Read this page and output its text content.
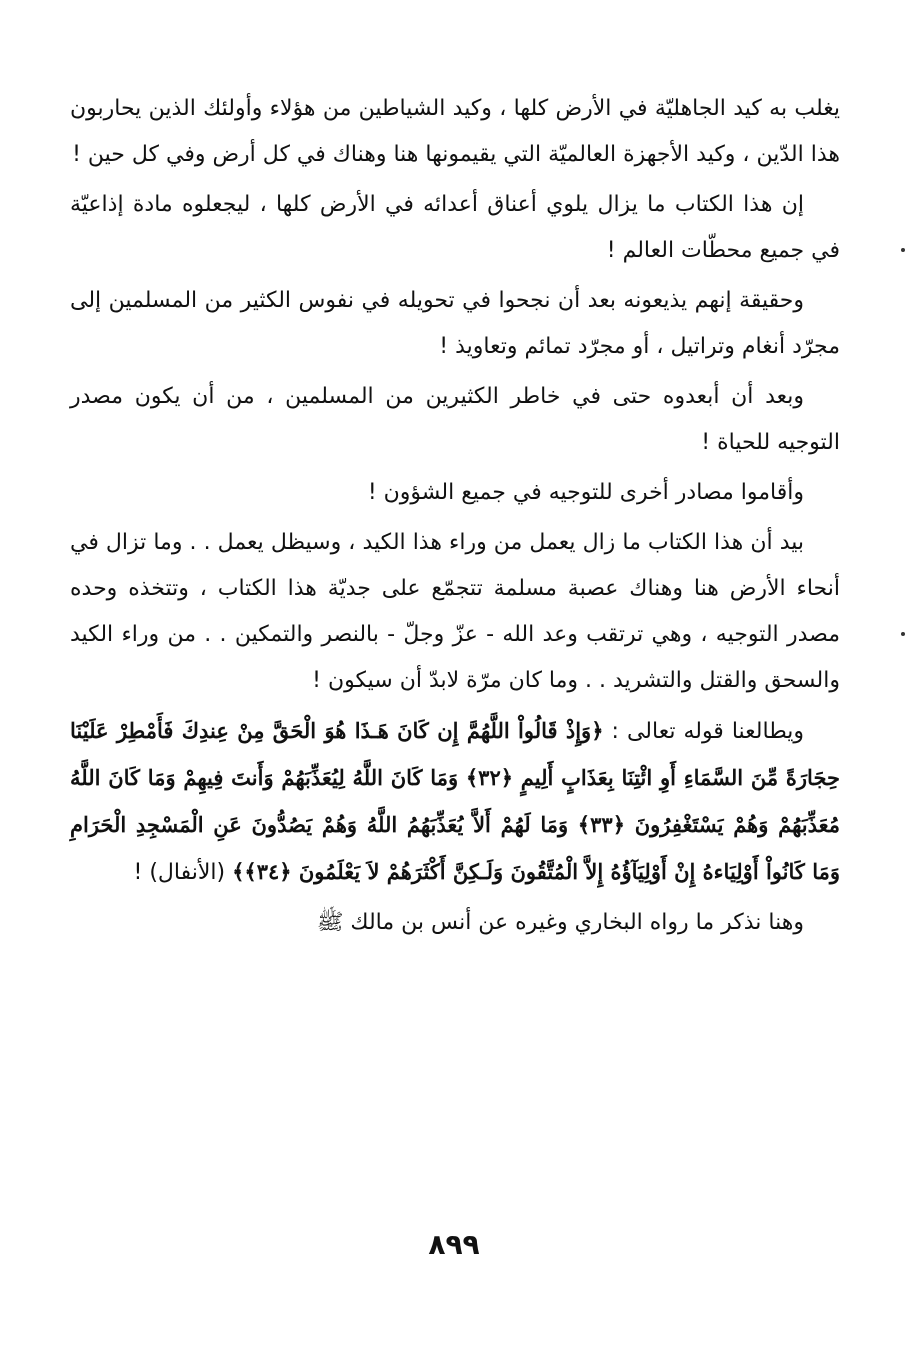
يغلب به كيد الجاهليّة في الأرض كلها ، وكيد الشياطين من هؤلاء وأولئك الذين يحاربون هذا الدّين ، وكيد الأجهزة العالميّة التي يقيمونها هنا وهناك في كل أرض وفي كل حين !

إن هذا الكتاب ما يزال يلوي أعناق أعدائه في الأرض كلها ، ليجعلوه مادة إذاعيّة في جميع محطّات العالم !

وحقيقة إنهم يذيعونه بعد أن نجحوا في تحويله في نفوس الكثير من المسلمين إلى مجرّد أنغام وتراتيل ، أو مجرّد تمائم وتعاويذ !

وبعد أن أبعدوه حتى في خاطر الكثيرين من المسلمين ، من أن يكون مصدر التوجيه للحياة !

وأقاموا مصادر أخرى للتوجيه في جميع الشؤون !

بيد أن هذا الكتاب ما زال يعمل من وراء هذا الكيد ، وسيظل يعمل . . وما تزال في أنحاء الأرض هنا وهناك عصبة مسلمة تتجمّع على جديّة هذا الكتاب ، وتتخذه وحده مصدر التوجيه ، وهي ترتقب وعد الله - عزّ وجلّ - بالنصر والتمكين . . من وراء الكيد والسحق والقتل والتشريد . . وما كان مرّة لابدّ أن سيكون !

ويطالعنا قوله تعالى : ﴿وَإِذْ قَالُواْ اللَّهُمَّ إِن كَانَ هَـذَا هُوَ الْحَقَّ مِنْ عِندِكَ فَأَمْطِرْ عَلَيْنَا حِجَارَةً مِّنَ السَّمَاءِ أَوِ ائْتِنَا بِعَذَابٍ أَلِيمٍ ﴿٣٢﴾ وَمَا كَانَ اللَّهُ لِيُعَذِّبَهُمْ وَأَنتَ فِيهِمْ وَمَا كَانَ اللَّهُ مُعَذِّبَهُمْ وَهُمْ يَسْتَغْفِرُونَ ﴿٣٣﴾ وَمَا لَهُمْ أَلاَّ يُعَذِّبَهُمُ اللَّهُ وَهُمْ يَصُدُّونَ عَنِ الْمَسْجِدِ الْحَرَامِ وَمَا كَانُواْ أَوْلِيَاءهُ إِنْ أَوْلِيَآؤُهُ إِلاَّ الْمُتَّقُونَ وَلَـكِنَّ أَكْثَرَهُمْ لاَ يَعْلَمُونَ ﴿٣٤﴾﴾ (الأنفال) !

وهنا نذكر ما رواه البخاري وغيره عن أنس بن مالك ﷺ

٨٩٩
